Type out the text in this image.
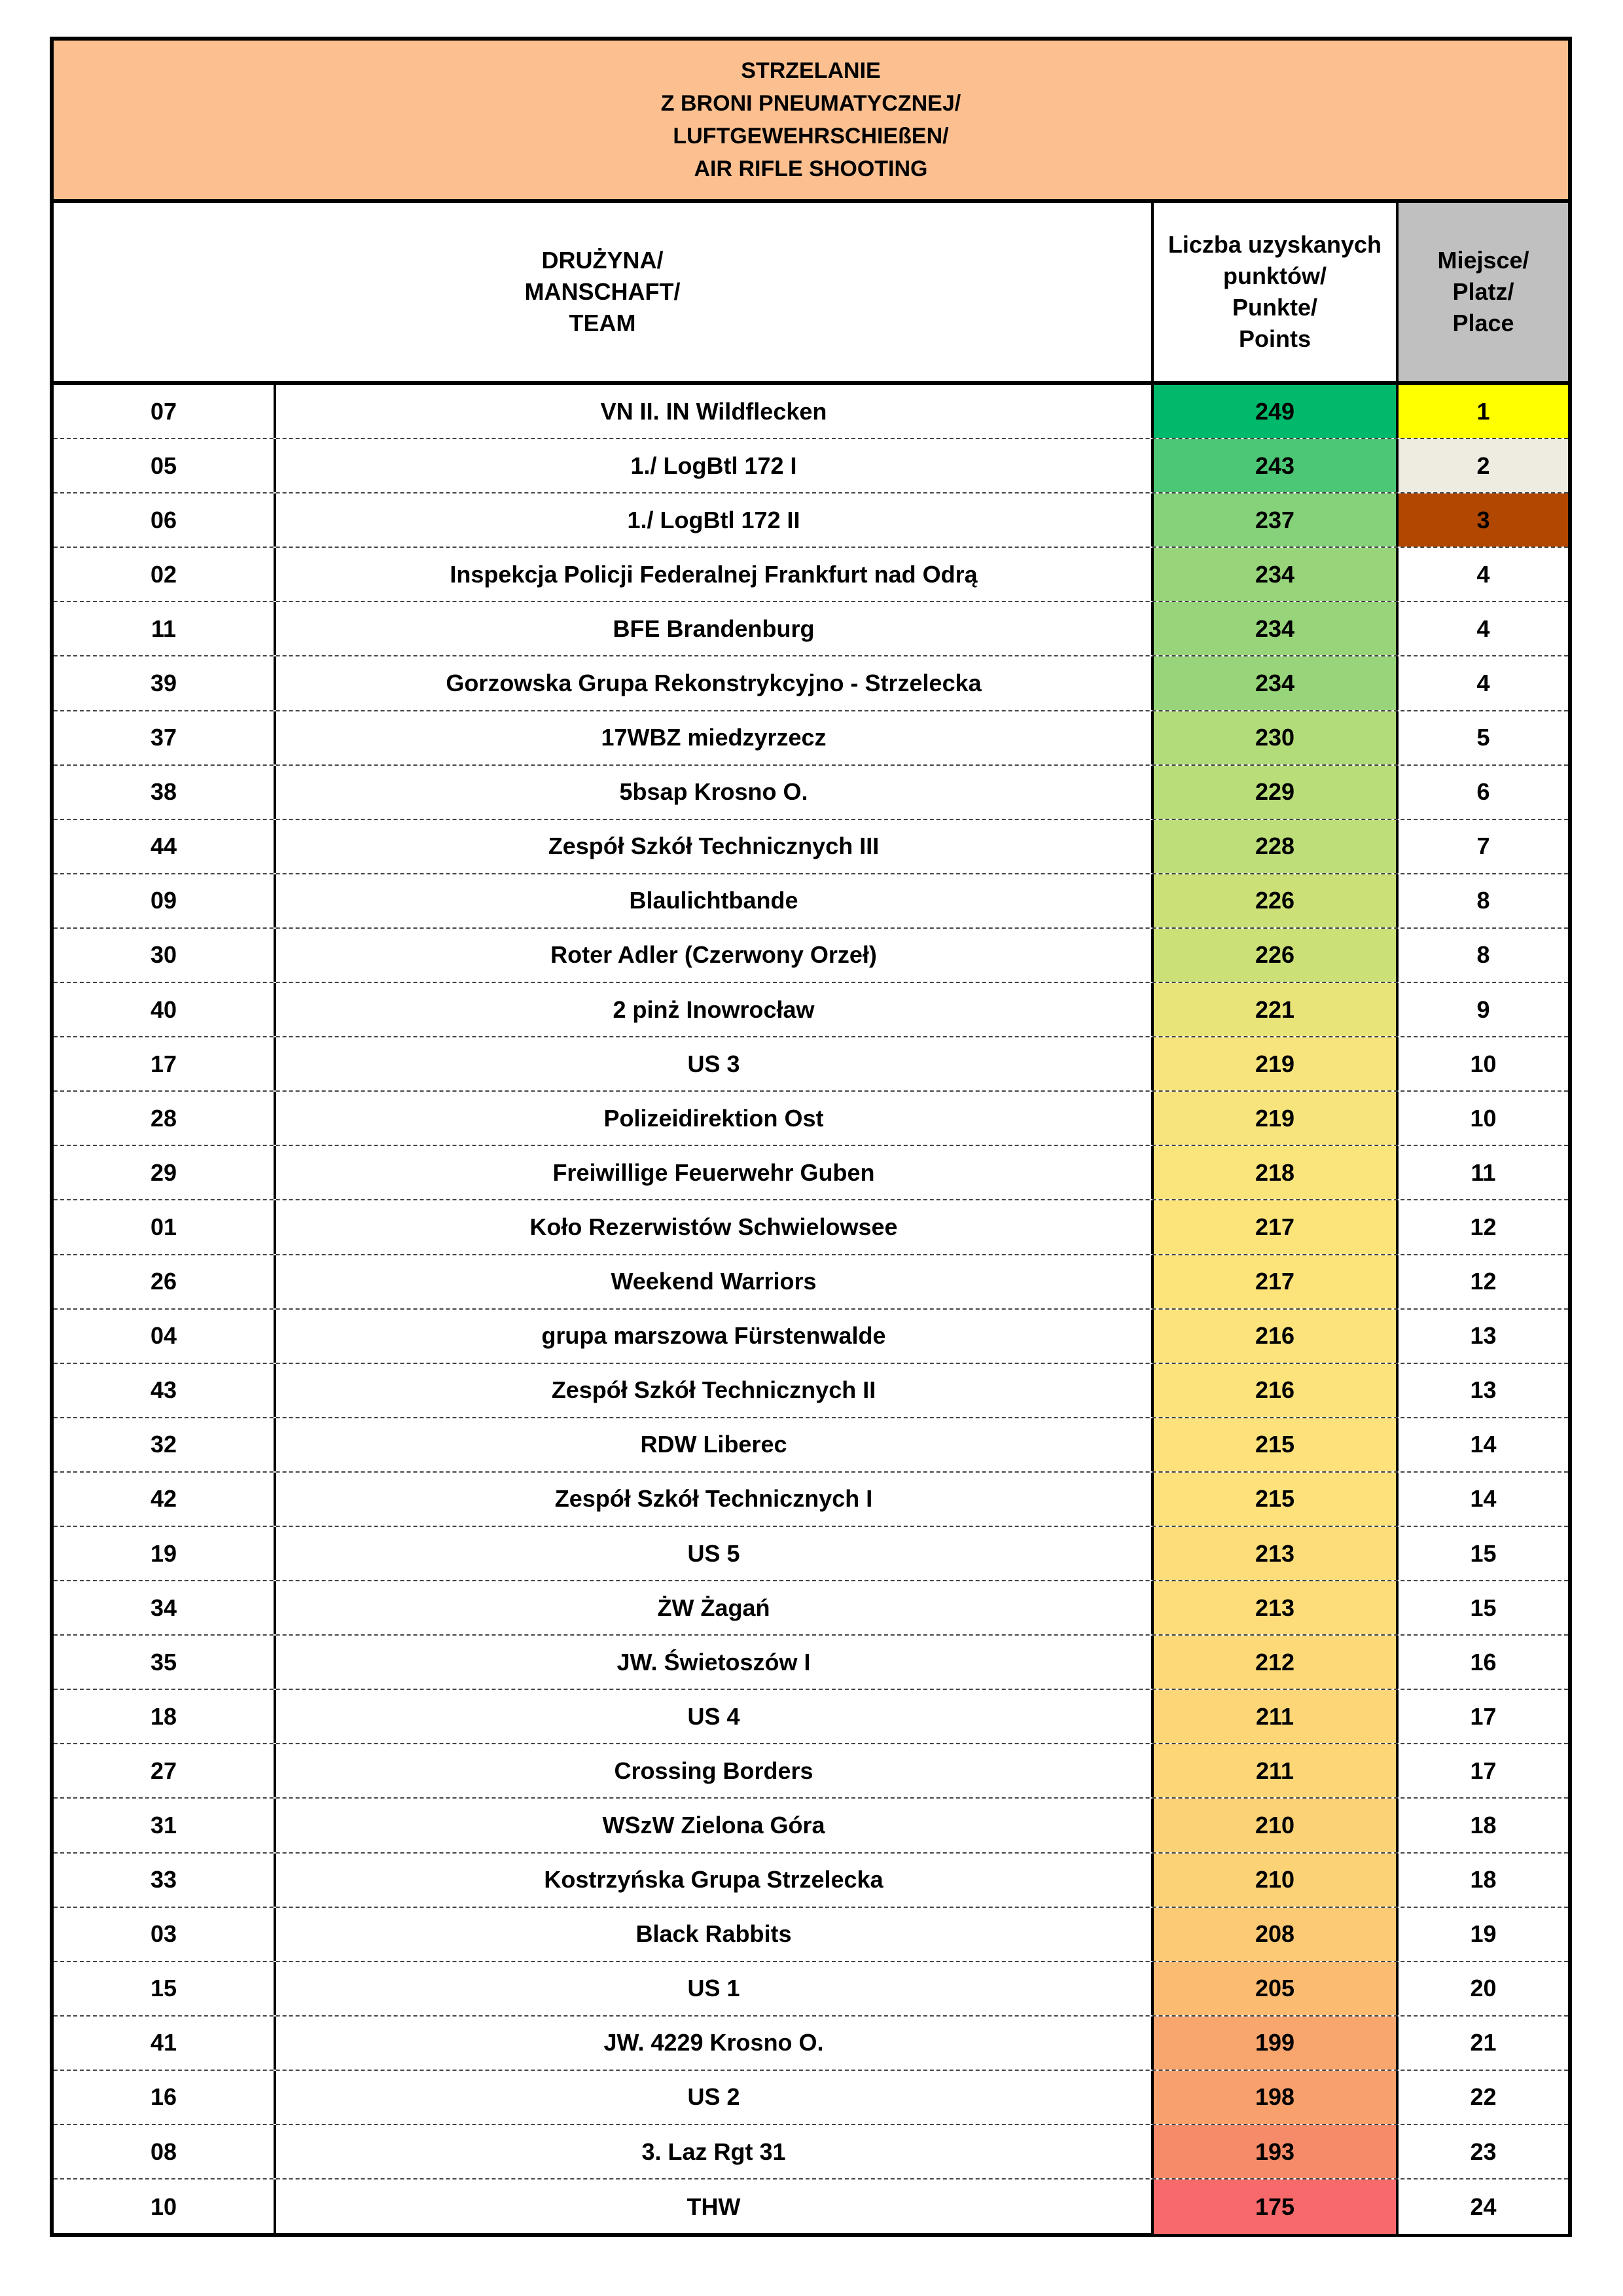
STRZELANIE
Z BRONI PNEUMATYCZNEJ/
LUFTGEWEHRSCHIEßEN/
AIR RIFLE SHOOTING
DRUŻYNA/
MANSCHAFT/
TEAM
Liczba uzyskanych
punktów/
Punkte/
Points
Miejsce/
Platz/
Place
07	VN II. IN Wildflecken	249	1
05	1./ LogBtl 172 I	243	2
06	1./ LogBtl 172 II	237	3
02	Inspekcja Policji Federalnej Frankfurt nad Odrą	234	4
11	BFE Brandenburg	234	4
39	Gorzowska Grupa Rekonstrykcyjno - Strzelecka	234	4
37	17WBZ miedzyrzecz	230	5
38	5bsap Krosno O.	229	6
44	Zespół Szkół Technicznych III	228	7
09	Blaulichtbande	226	8
30	Roter Adler (Czerwony Orzeł)	226	8
40	2 pinż Inowrocław	221	9
17	US 3	219	10
28	Polizeidirektion Ost	219	10
29	Freiwillige Feuerwehr Guben	218	11
01	Koło Rezerwistów Schwielowsee	217	12
26	Weekend Warriors	217	12
04	grupa marszowa Fürstenwalde	216	13
43	Zespół Szkół Technicznych II	216	13
32	RDW Liberec	215	14
42	Zespół Szkół Technicznych I	215	14
19	US 5	213	15
34	ŻW Żagań	213	15
35	JW. Świetoszów I	212	16
18	US 4	211	17
27	Crossing Borders	211	17
31	WSzW Zielona Góra	210	18
33	Kostrzyńska Grupa Strzelecka	210	18
03	Black Rabbits	208	19
15	US 1	205	20
41	JW. 4229 Krosno O.	199	21
16	US 2	198	22
08	3. Laz Rgt 31	193	23
10	THW	175	24
